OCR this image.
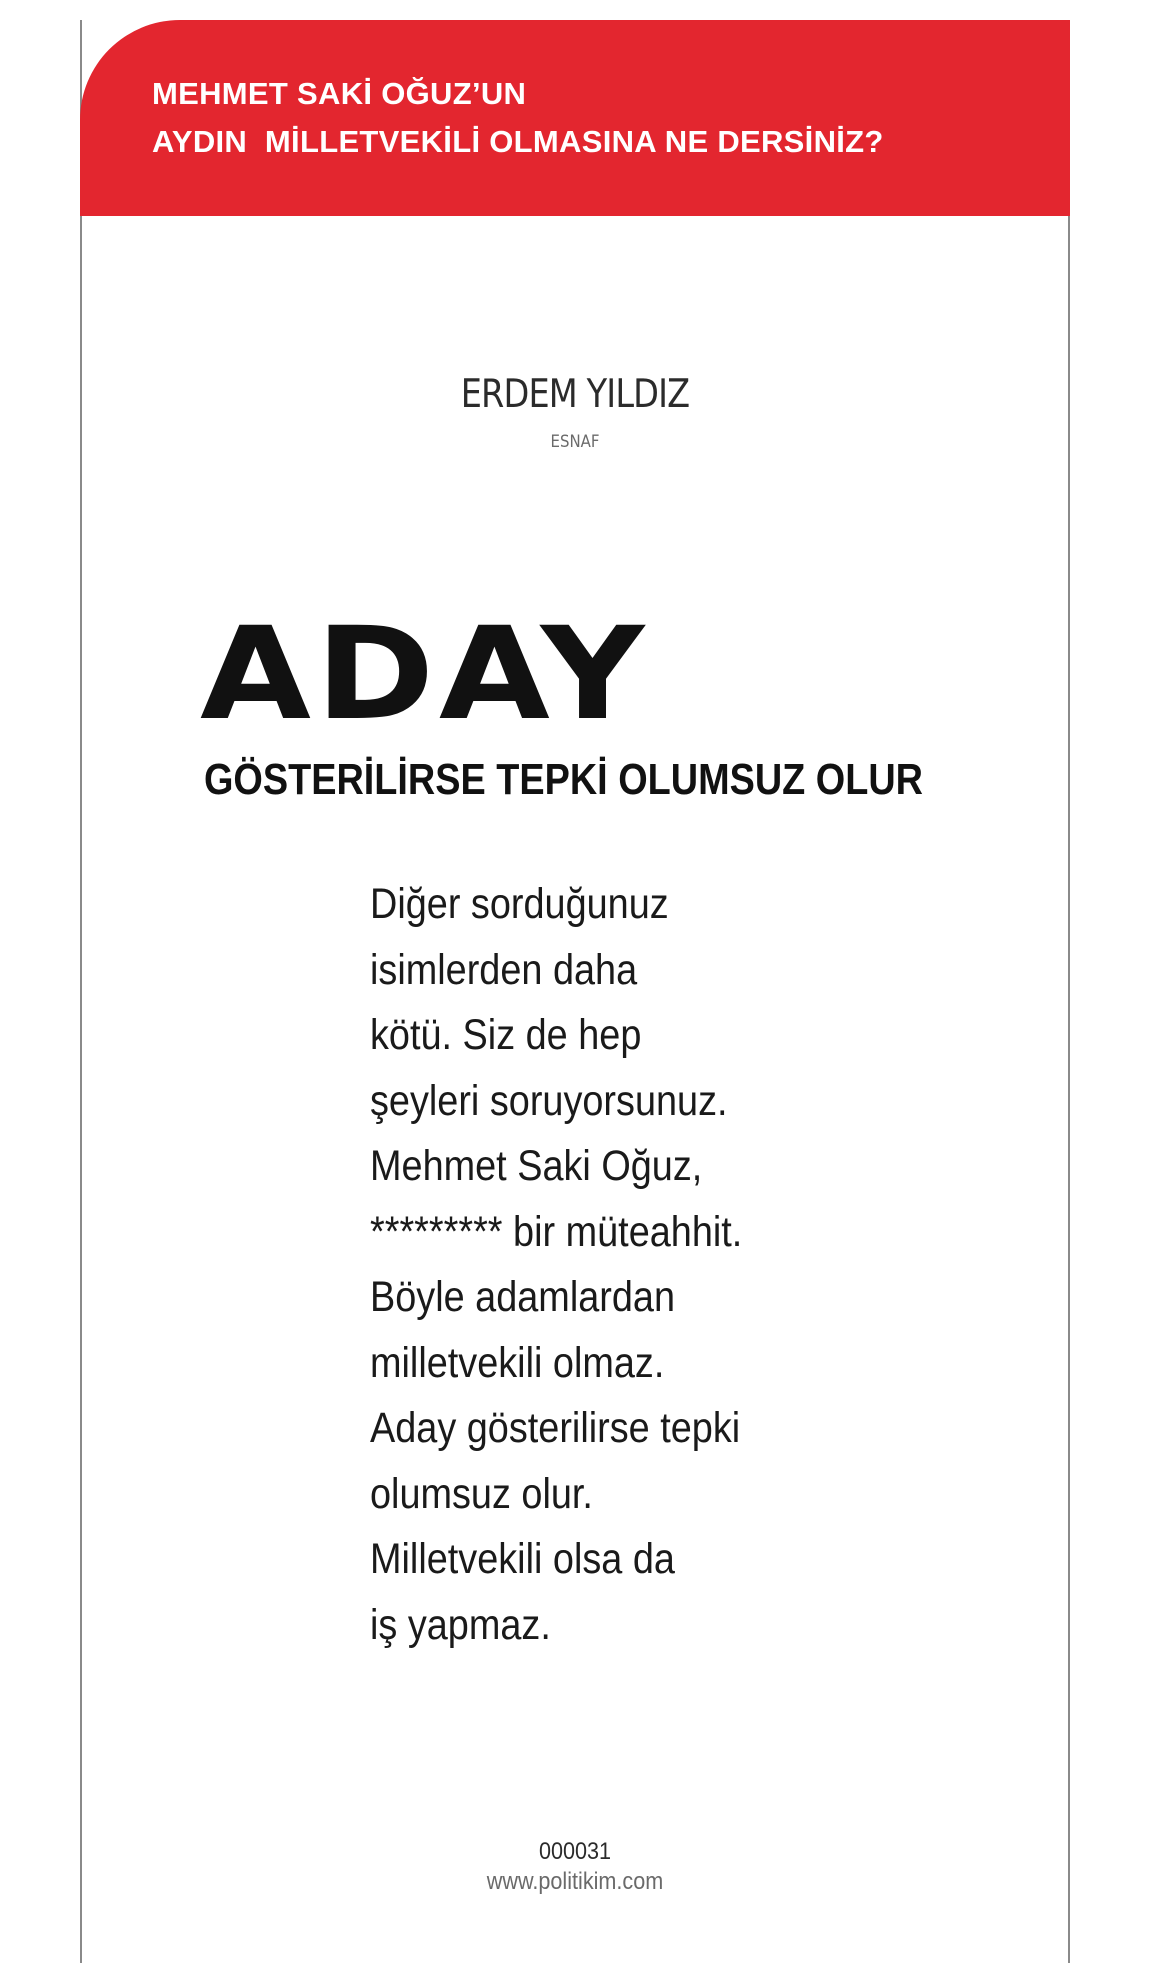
MEHMET SAKİ OĞUZ’UN
AYDIN  MİLLETVEKİLİ OLMASINA NE DERSİNİZ?
ERDEM YILDIZ
ESNAF
ADAY
GÖSTERİLİRSE TEPKİ OLUMSUZ OLUR
Diğer sorduğunuz
isimlerden daha
kötü. Siz de hep
şeyleri soruyorsunuz.
Mehmet Saki Oğuz,
********* bir müteahhit.
Böyle adamlardan
milletvekili olmaz.
Aday gösterilirse tepki
olumsuz olur.
Milletvekili olsa da
iş yapmaz.
000031
www.politikim.com
